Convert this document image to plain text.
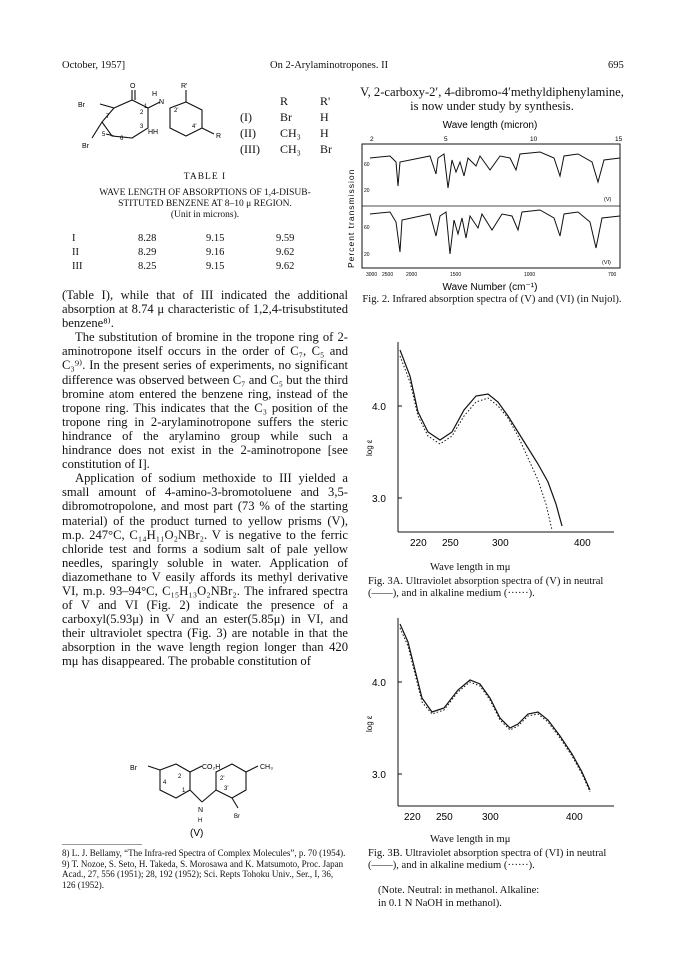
October, 1957]	On 2-Arylaminotropones. II	695
Br
O
H
N
R'
2
1
2'
4'
3
HH
5
6
7
R
Br
	R	R'
(I)	Br	H
(II)	CH₃	H
(III)	CH₃	Br
TABLE I
WAVE LENGTH OF ABSORPTIONS OF 1,4-DISUB-
STITUTED BENZENE AT 8–10 μ REGION.
(Unit in microns).
I	8.28	9.15	9.59
II	8.29	9.16	9.62
III	8.25	9.15	9.62

(Table I), while that of III indicated the additional absorption at 8.74 μ characteristic of 1,2,4-trisubstituted benzene⁸⁾.

The substitution of bromine in the tropone ring of 2-aminotropone itself occurs in the order of C₇, C₅ and C₃⁹⁾. In the present series of experiments, no significant difference was observed between C₇ and C₅ but the third bromine atom entered the benzene ring, instead of the tropone ring. This indicates that the C₃ position of the tropone ring in 2-arylaminotropone suffers the steric hindrance of the arylamino group while such a hindrance does not exist in the 2-aminotropone [see constitution of I].

Application of sodium methoxide to III yielded a small amount of 4-amino-3-bromotoluene and 3,5-dibromotropolone, and most part (73 % of the starting material) of the product turned to yellow prisms (V), m.p. 247°C, C₁₄H₁₁O₂NBr₂. V is negative to the ferric chloride test and forms a sodium salt of pale yellow needles, sparingly soluble in water. Application of diazomethane to V easily affords its methyl derivative VI, m.p. 93–94°C, C₁₅H₁₃O₂NBr₂. The infrared spectra of V and VI (Fig. 2) indicate the presence of a carboxyl(5.93μ) in V and an ester(5.85μ) in VI, and their ultraviolet spectra (Fig. 3) are notable in that the absorption in the wave length region longer than 420 mμ has disappeared. The probable constitution of

Br	CO₂H	CH₃
4
2
1
N
H
Br
3'
2'
(V)
8) L. J. Bellamy, “The Infra-red Spectra of Complex Molecules”, p. 70 (1954).
9) T. Nozoe, S. Seto, H. Takeda, S. Morosawa and K. Matsumoto, Proc. Japan Acad., 27, 556 (1951); 28, 192 (1952); Sci. Repts Tohoku Univ., Ser., I, 36, 126 (1952).
V, 2-carboxy-2′, 4-dibromo-4′methyldiphenylamine, is now under study by synthesis.
Wave length (micron)
2	5	10	15
Percent transmission
60
20
60
20
(V)
(VI)
3000 2500	2000	1500	1000	700
Wave Number (cm⁻¹)
Fig. 2. Infrared absorption spectra of (V) and (VI) (in Nujol).
4.0
3.0
log ε
220 250	300	400
Wave length in mμ
Fig. 3A. Ultraviolet absorption spectra of (V) in neutral (——), and in alkaline medium (······).
4.0
3.0
log ε
220 250	300	400
Wave length in mμ
Fig. 3B. Ultraviolet absorption spectra of (VI) in neutral (——), and in alkaline medium (······).
(Note. Neutral: in methanol. Alkaline:
in 0.1 N NaOH in methanol).
